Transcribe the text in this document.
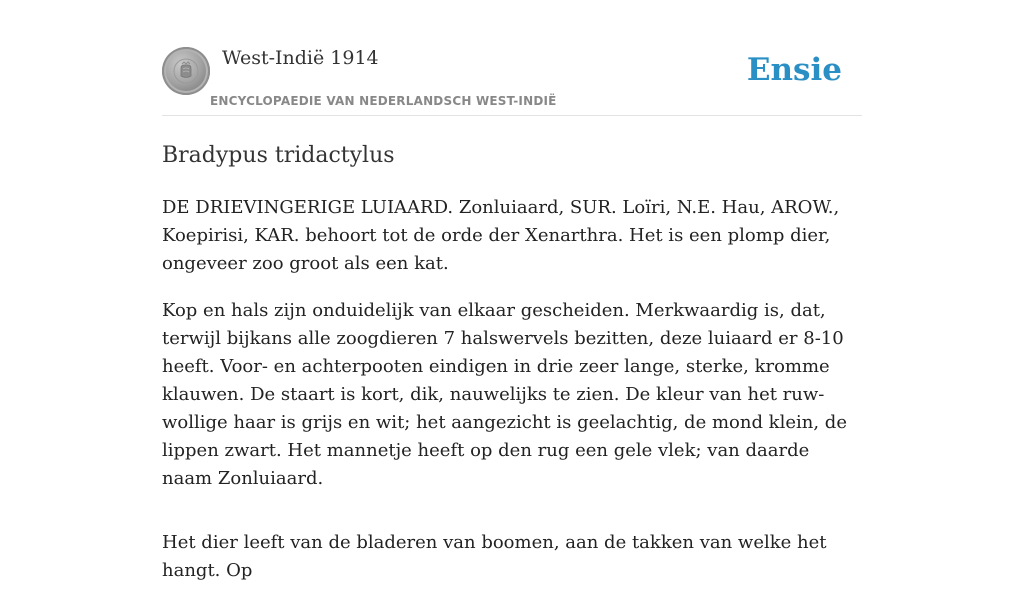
West-Indië 1914
ENCYCLOPAEDIE VAN NEDERLANDSCH WEST-INDIË
Ensie
Bradypus tridactylus

DE DRIEVINGERIGE LUIAARD. Zonluiaard, SUR. Loïri, N.E. Hau, AROW., Koepirisi, KAR. behoort tot de orde der Xenarthra. Het is een plomp dier, ongeveer zoo groot als een kat.

Kop en hals zijn onduidelijk van elkaar gescheiden. Merkwaardig is, dat, terwijl bijkans alle zoogdieren 7 halswervels bezitten, deze luiaard er 8-10 heeft. Voor- en achterpooten eindigen in drie zeer lange, sterke, kromme klauwen. De staart is kort, dik, nauwelijks te zien. De kleur van het ruw-wollige haar is grijs en wit; het aangezicht is geelachtig, de mond klein, de lippen zwart. Het mannetje heeft op den rug een gele vlek; van daarde naam Zonluiaard.

Het dier leeft van de bladeren van boomen, aan de takken van welke het hangt. Op
